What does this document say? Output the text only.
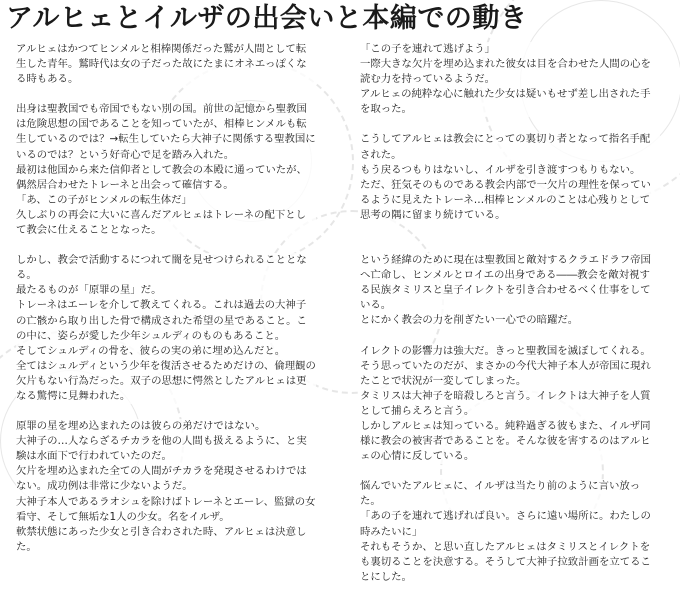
アルヒェとイルザの出会いと本編での動き

アルヒェはかつてヒンメルと相棒関係だった鷲が人間として転生した青年。鷲時代は女の子だった故にたまにオネエっぽくなる時もある。

出身は聖教国でも帝国でもない別の国。前世の記憶から聖教国は危険思想の国であることを知っていたが、相棒ヒンメルも転生しているのでは？→転生していたら大神子に関係する聖教国にいるのでは？という好奇心で足を踏み入れた。
最初は他国から来た信仰者として教会の本殿に通っていたが、偶然居合わせたトレーネと出会って確信する。
「あ、この子がヒンメルの転生体だ」
久しぶりの再会に大いに喜んだアルヒェはトレーネの配下として教会に仕えることとなった。

しかし、教会で活動するにつれて闇を見せつけられることとなる。
最たるものが「原罪の星」だ。
トレーネはエーレを介して教えてくれる。これは過去の大神子の亡骸から取り出した骨で構成された希望の星であること。この中に、姿らが愛した少年シュルディのものもあること。
そしてシュルディの骨を、彼らの実の弟に埋め込んだと。
全てはシュルディという少年を復活させるためだけの、倫理観の欠片もない行為だった。双子の思想に愕然としたアルヒェは更なる驚愕に見舞われた。

原罪の星を埋め込まれたのは彼らの弟だけではない。
大神子の…人ならざるチカラを他の人間も扱えるように、と実験は水面下で行われていたのだ。
欠片を埋め込まれた全ての人間がチカラを発現させるわけではない。成功例は非常に少ないようだ。
大神子本人であるラオシュを除けばトレーネとエーレ、監獄の女看守、そして無垢な1人の少女。名をイルザ。
軟禁状態にあった少女と引き合わされた時、アルヒェは決意した。

「この子を連れて逃げよう」
一際大きな欠片を埋め込まれた彼女は目を合わせた人間の心を読む力を持っているようだ。
アルヒェの純粋な心に触れた少女は疑いもせず差し出された手を取った。

こうしてアルヒェは教会にとっての裏切り者となって指名手配された。
もう戻るつもりはないし、イルザを引き渡すつもりもない。
ただ、狂気そのものである教会内部で一欠片の理性を保っているように見えたトレーネ…相棒ヒンメルのことは心残りとして思考の隅に留まり続けている。

という経緯のために現在は聖教国と敵対するクラエドラフ帝国へ亡命し、ヒンメルとロイエの出身である――教会を敵対視する民族タミリスと皇子イレクトを引き合わせるべく仕事をしている。
とにかく教会の力を削ぎたい一心での暗躍だ。

イレクトの影響力は強大だ。きっと聖教国を滅ぼしてくれる。
そう思っていたのだが、まさかの今代大神子本人が帝国に現れたことで状況が一変してしまった。
タミリスは大神子を暗殺しろと言う。イレクトは大神子を人質として捕らえろと言う。
しかしアルヒェは知っている。純粋過ぎる彼もまた、イルザ同様に教会の被害者であることを。そんな彼を害するのはアルヒェの心情に反している。

悩んでいたアルヒェに、イルザは当たり前のように言い放った。
「あの子を連れて逃げれば良い。さらに遠い場所に。わたしの時みたいに」
それもそうか、と思い直したアルヒェはタミリスとイレクトをも裏切ることを決意する。そうして大神子拉致計画を立てることにした。
